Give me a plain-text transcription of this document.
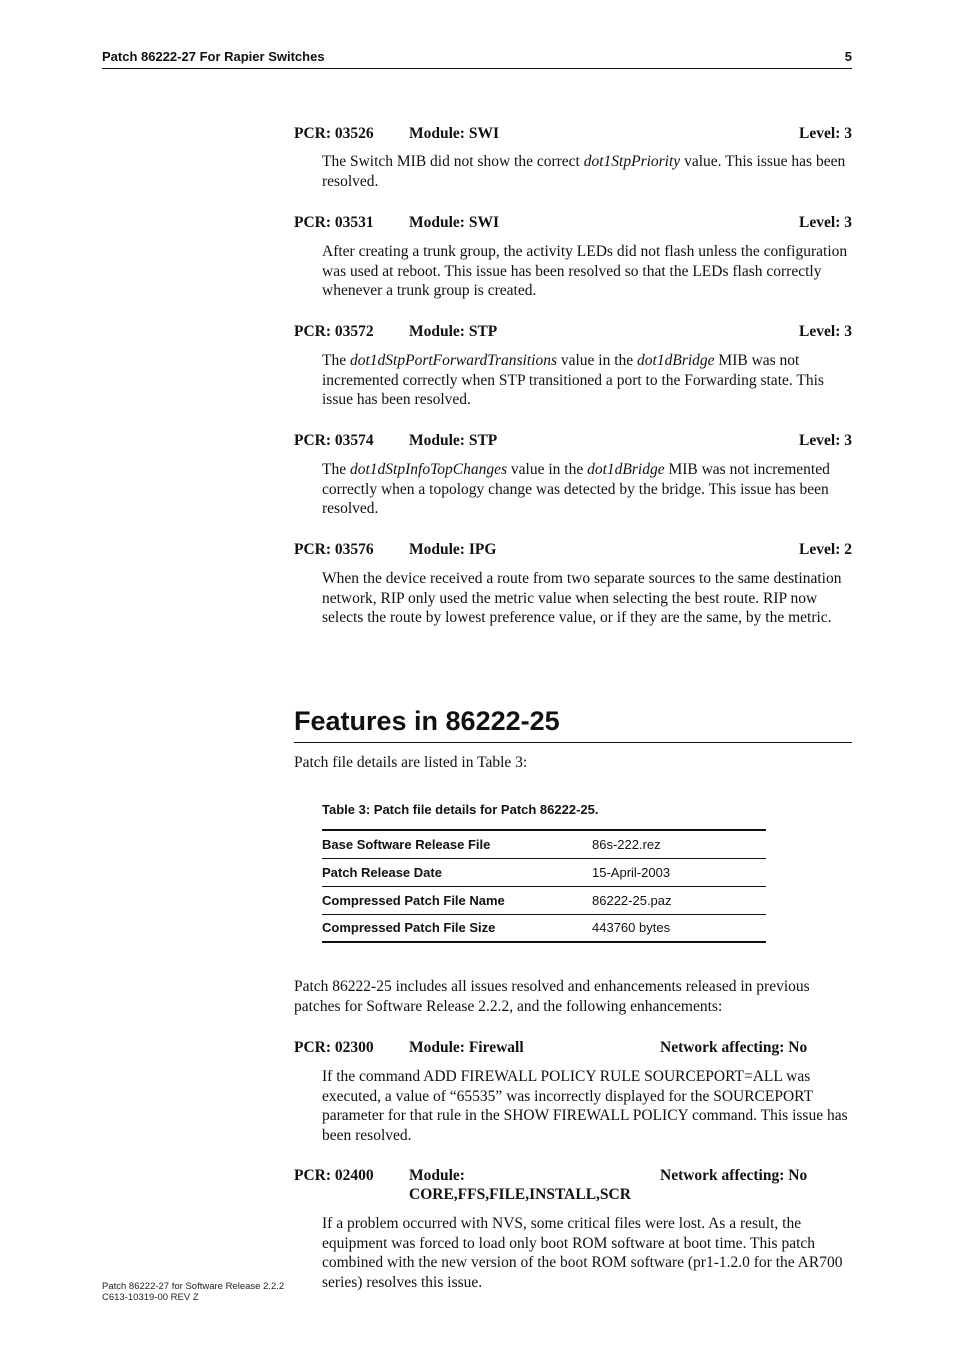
Patch 86222-27 For Rapier Switches	5
PCR: 03526 Module: SWI	Level: 3

The Switch MIB did not show the correct dot1StpPriority value. This issue has been resolved.

PCR: 03531 Module: SWI	Level: 3

After creating a trunk group, the activity LEDs did not flash unless the configuration was used at reboot. This issue has been resolved so that the LEDs flash correctly whenever a trunk group is created.

PCR: 03572 Module: STP	Level: 3

The dot1dStpPortForwardTransitions value in the dot1dBridge MIB was not incremented correctly when STP transitioned a port to the Forwarding state. This issue has been resolved.

PCR: 03574 Module: STP	Level: 3

The dot1dStpInfoTopChanges value in the dot1dBridge MIB was not incremented correctly when a topology change was detected by the bridge. This issue has been resolved.

PCR: 03576 Module: IPG	Level: 2

When the device received a route from two separate sources to the same destination network, RIP only used the metric value when selecting the best route. RIP now selects the route by lowest preference value, or if they are the same, by the metric.

Features in 86222-25

Patch file details are listed in Table 3:

Table 3: Patch file details for Patch 86222-25.
Base Software Release File	86s-222.rez
Patch Release Date	15-April-2003
Compressed Patch File Name	86222-25.paz
Compressed Patch File Size	443760 bytes

Patch 86222-25 includes all issues resolved and enhancements released in previous patches for Software Release 2.2.2, and the following enhancements:

PCR: 02300 Module: Firewall	Network affecting: No

If the command ADD FIREWALL POLICY RULE SOURCEPORT=ALL was executed, a value of “65535” was incorrectly displayed for the SOURCEPORT parameter for that rule in the SHOW FIREWALL POLICY command. This issue has been resolved.

PCR: 02400 Module:
CORE,FFS,FILE,INSTALL,SCR
Network affecting: No

If a problem occurred with NVS, some critical files were lost. As a result, the equipment was forced to load only boot ROM software at boot time. This patch combined with the new version of the boot ROM software (pr1-1.2.0 for the AR700 series) resolves this issue.

Patch 86222-27 for Software Release 2.2.2
C613-10319-00 REV Z
